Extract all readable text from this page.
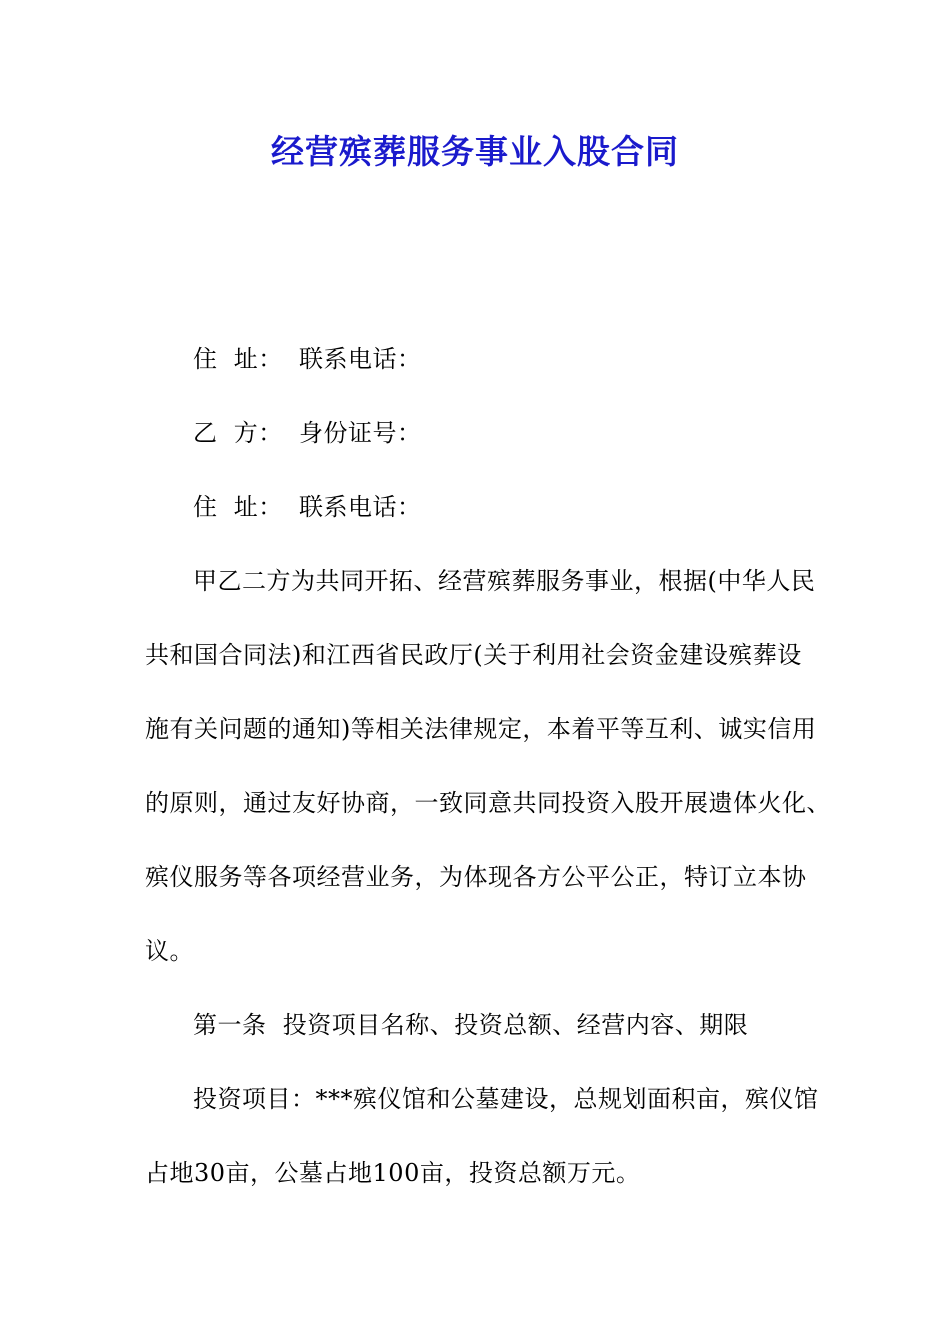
经营殡葬服务事业入股合同
住  址：  联系电话：
乙  方：  身份证号：
住  址：  联系电话：
甲乙二方为共同开拓、经营殡葬服务事业，根据(中华人民
共和国合同法)和江西省民政厅(关于利用社会资金建设殡葬设
施有关问题的通知)等相关法律规定，本着平等互利、诚实信用
的原则，通过友好协商，一致同意共同投资入股开展遗体火化、
殡仪服务等各项经营业务，为体现各方公平公正，特订立本协
议。
第一条  投资项目名称、投资总额、经营内容、期限
投资项目：***殡仪馆和公墓建设，总规划面积亩，殡仪馆
占地30亩，公墓占地100亩，投资总额万元。
